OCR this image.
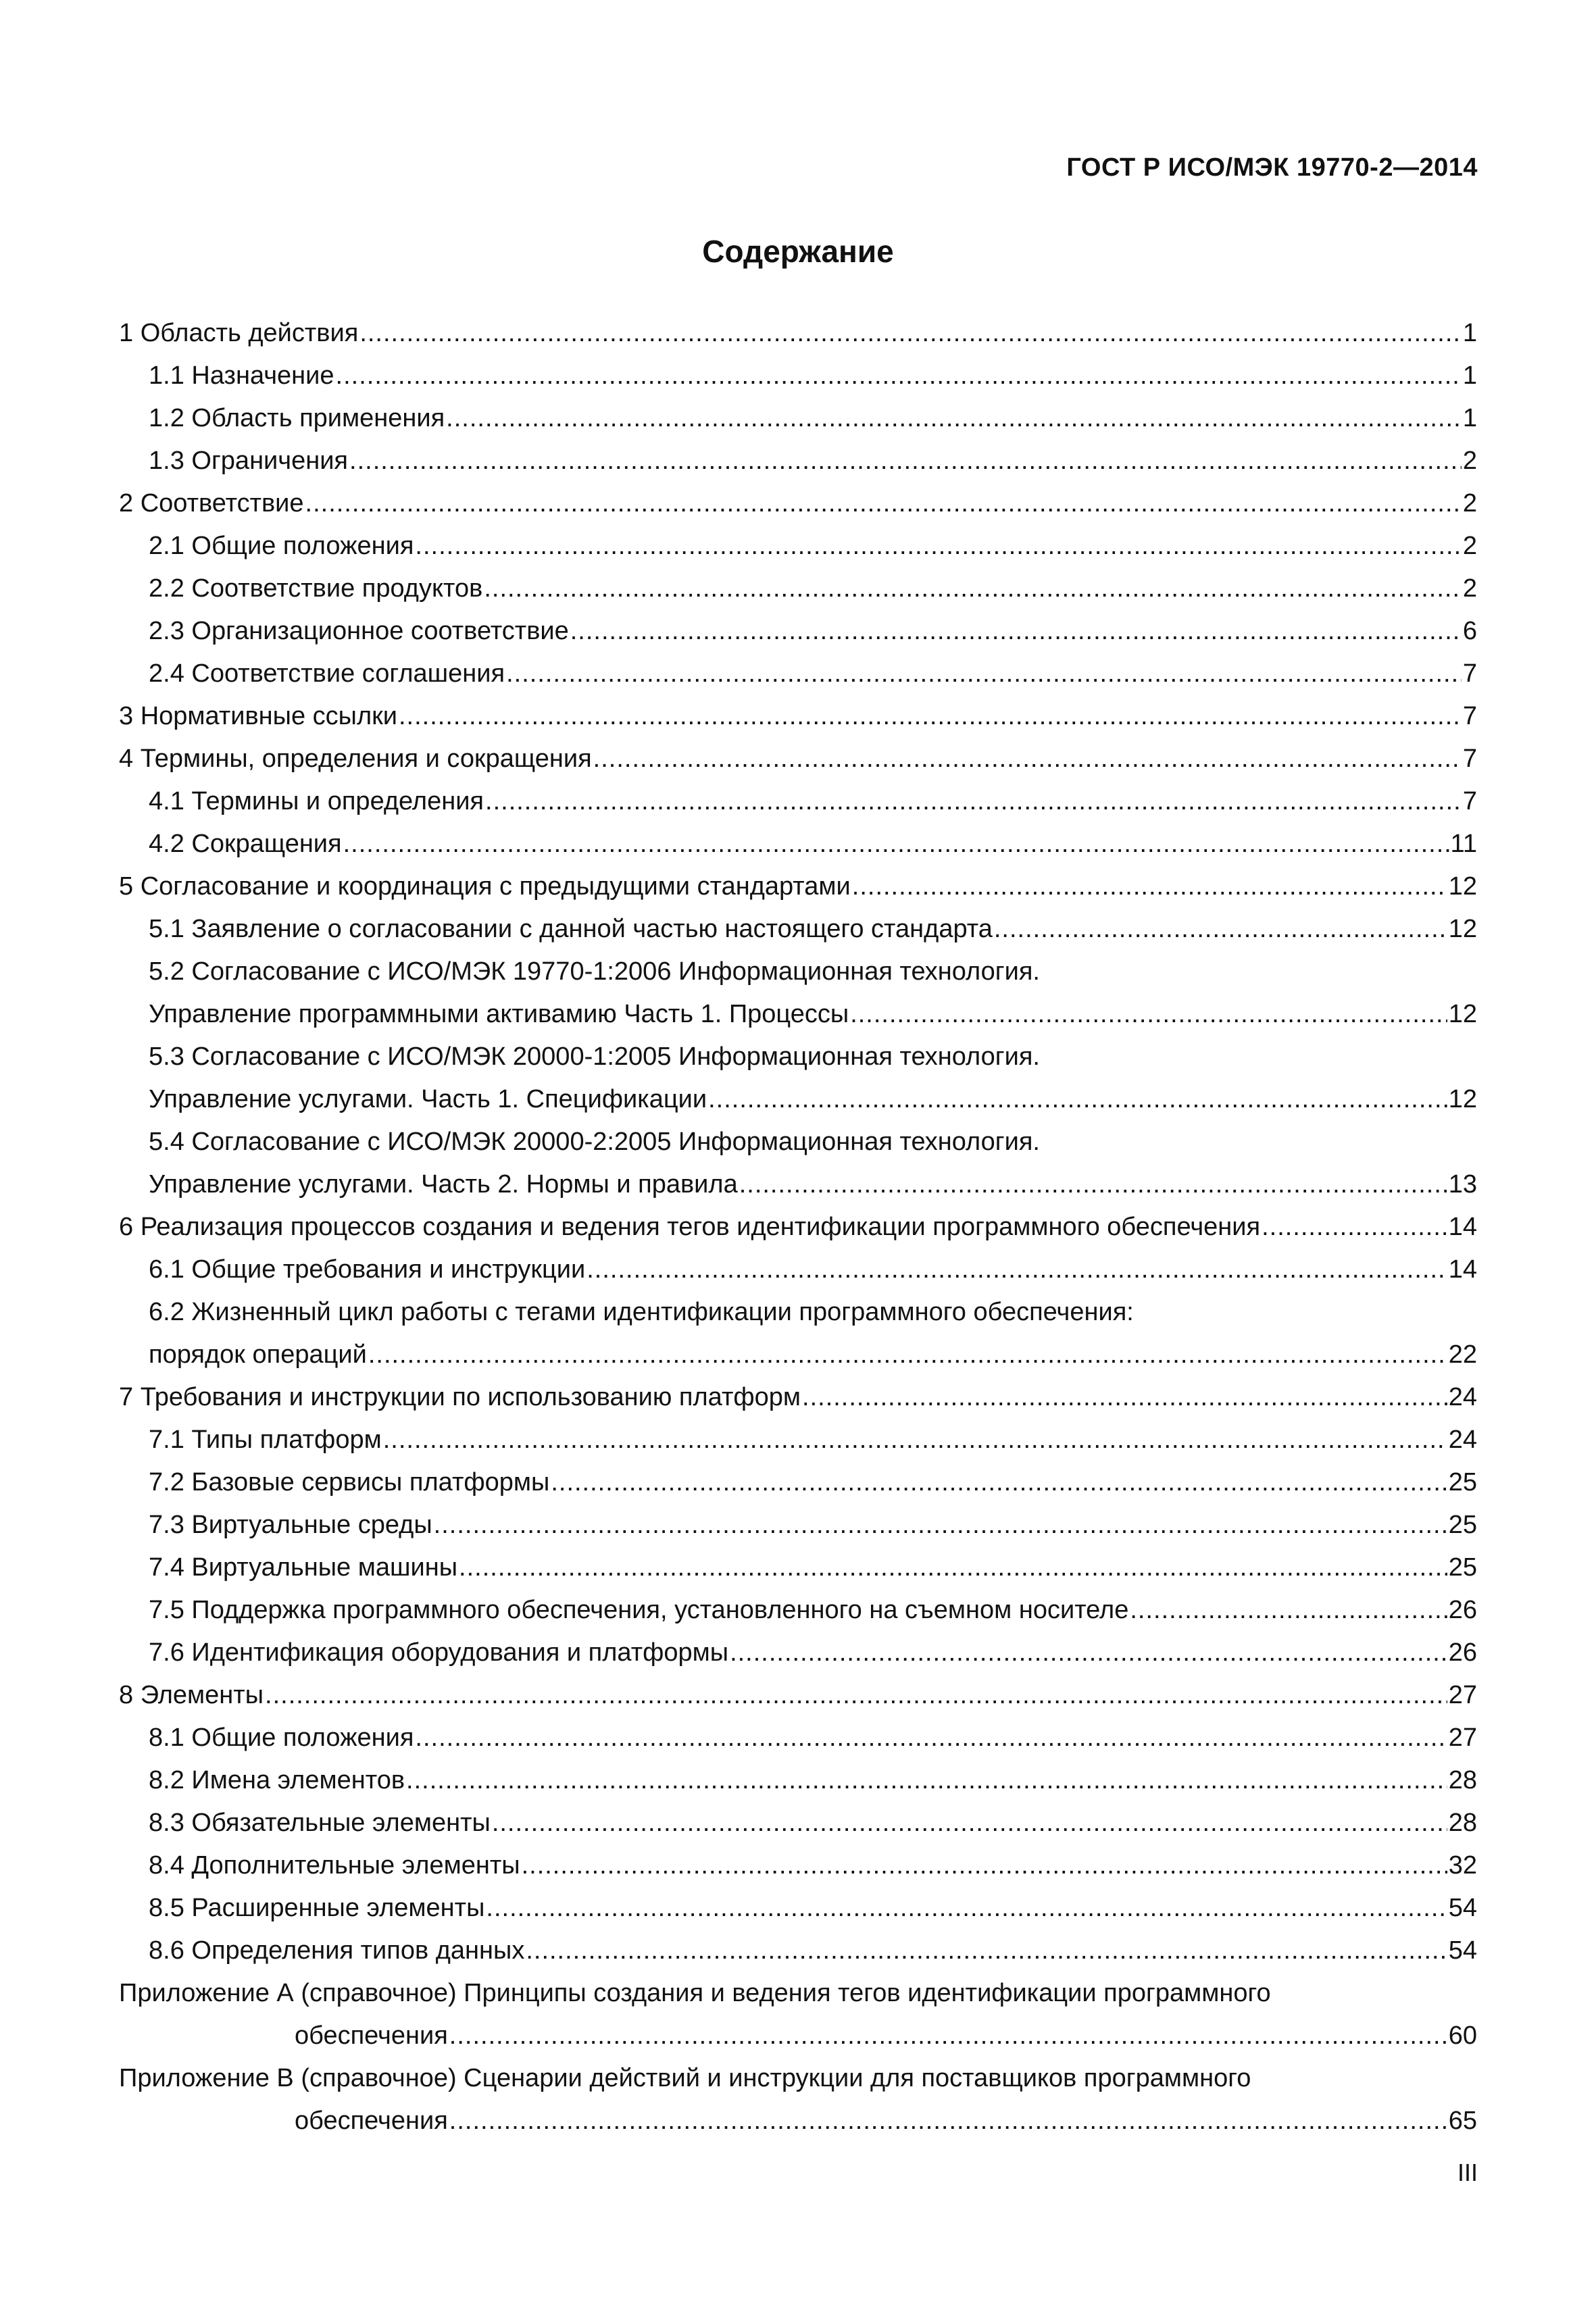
ГОСТ Р ИСО/МЭК 19770-2—2014
Содержание
1 Область действия .....	1
1.1 Назначение .....	1
1.2 Область применения .....	1
1.3 Ограничения .....	2
2 Соответствие .....	2
2.1 Общие положения .....	2
2.2 Соответствие продуктов .....	2
2.3 Организационное соответствие .....	6
2.4 Соответствие соглашения .....	7
3 Нормативные ссылки .....	7
4 Термины, определения и сокращения .....	7
4.1 Термины и определения .....	7
4.2 Сокращения .....	11
5 Согласование и координация с предыдущими стандартами .....	12
5.1 Заявление о согласовании с данной частью настоящего стандарта .....	12
5.2 Согласование с ИСО/МЭК 19770-1:2006 Информационная технология.
Управление программными активамию Часть 1. Процессы .....	12
5.3 Согласование с ИСО/МЭК 20000-1:2005 Информационная технология.
Управление услугами. Часть 1. Спецификации .....	12
5.4 Согласование с ИСО/МЭК 20000-2:2005 Информационная технология.
Управление услугами. Часть 2. Нормы и правила .....	13
6 Реализация процессов создания и ведения тегов идентификации программного обеспечения .....	14
6.1 Общие требования и инструкции .....	14
6.2 Жизненный цикл работы с тегами идентификации программного обеспечения:
порядок операций .....	22
7 Требования и инструкции по использованию платформ .....	24
7.1 Типы платформ .....	24
7.2 Базовые сервисы платформы .....	25
7.3 Виртуальные среды .....	25
7.4 Виртуальные машины .....	25
7.5 Поддержка программного обеспечения, установленного на съемном носителе .....	26
7.6 Идентификация оборудования и платформы .....	26
8 Элементы .....	27
8.1 Общие положения .....	27
8.2 Имена элементов .....	28
8.3 Обязательные элементы .....	28
8.4 Дополнительные элементы .....	32
8.5 Расширенные элементы .....	54
8.6 Определения типов данных .....	54
Приложение А (справочное) Принципы создания и ведения тегов идентификации программного
обеспечения .....	60
Приложение В (справочное) Сценарии действий и инструкции для поставщиков программного
обеспечения .....	65
III
